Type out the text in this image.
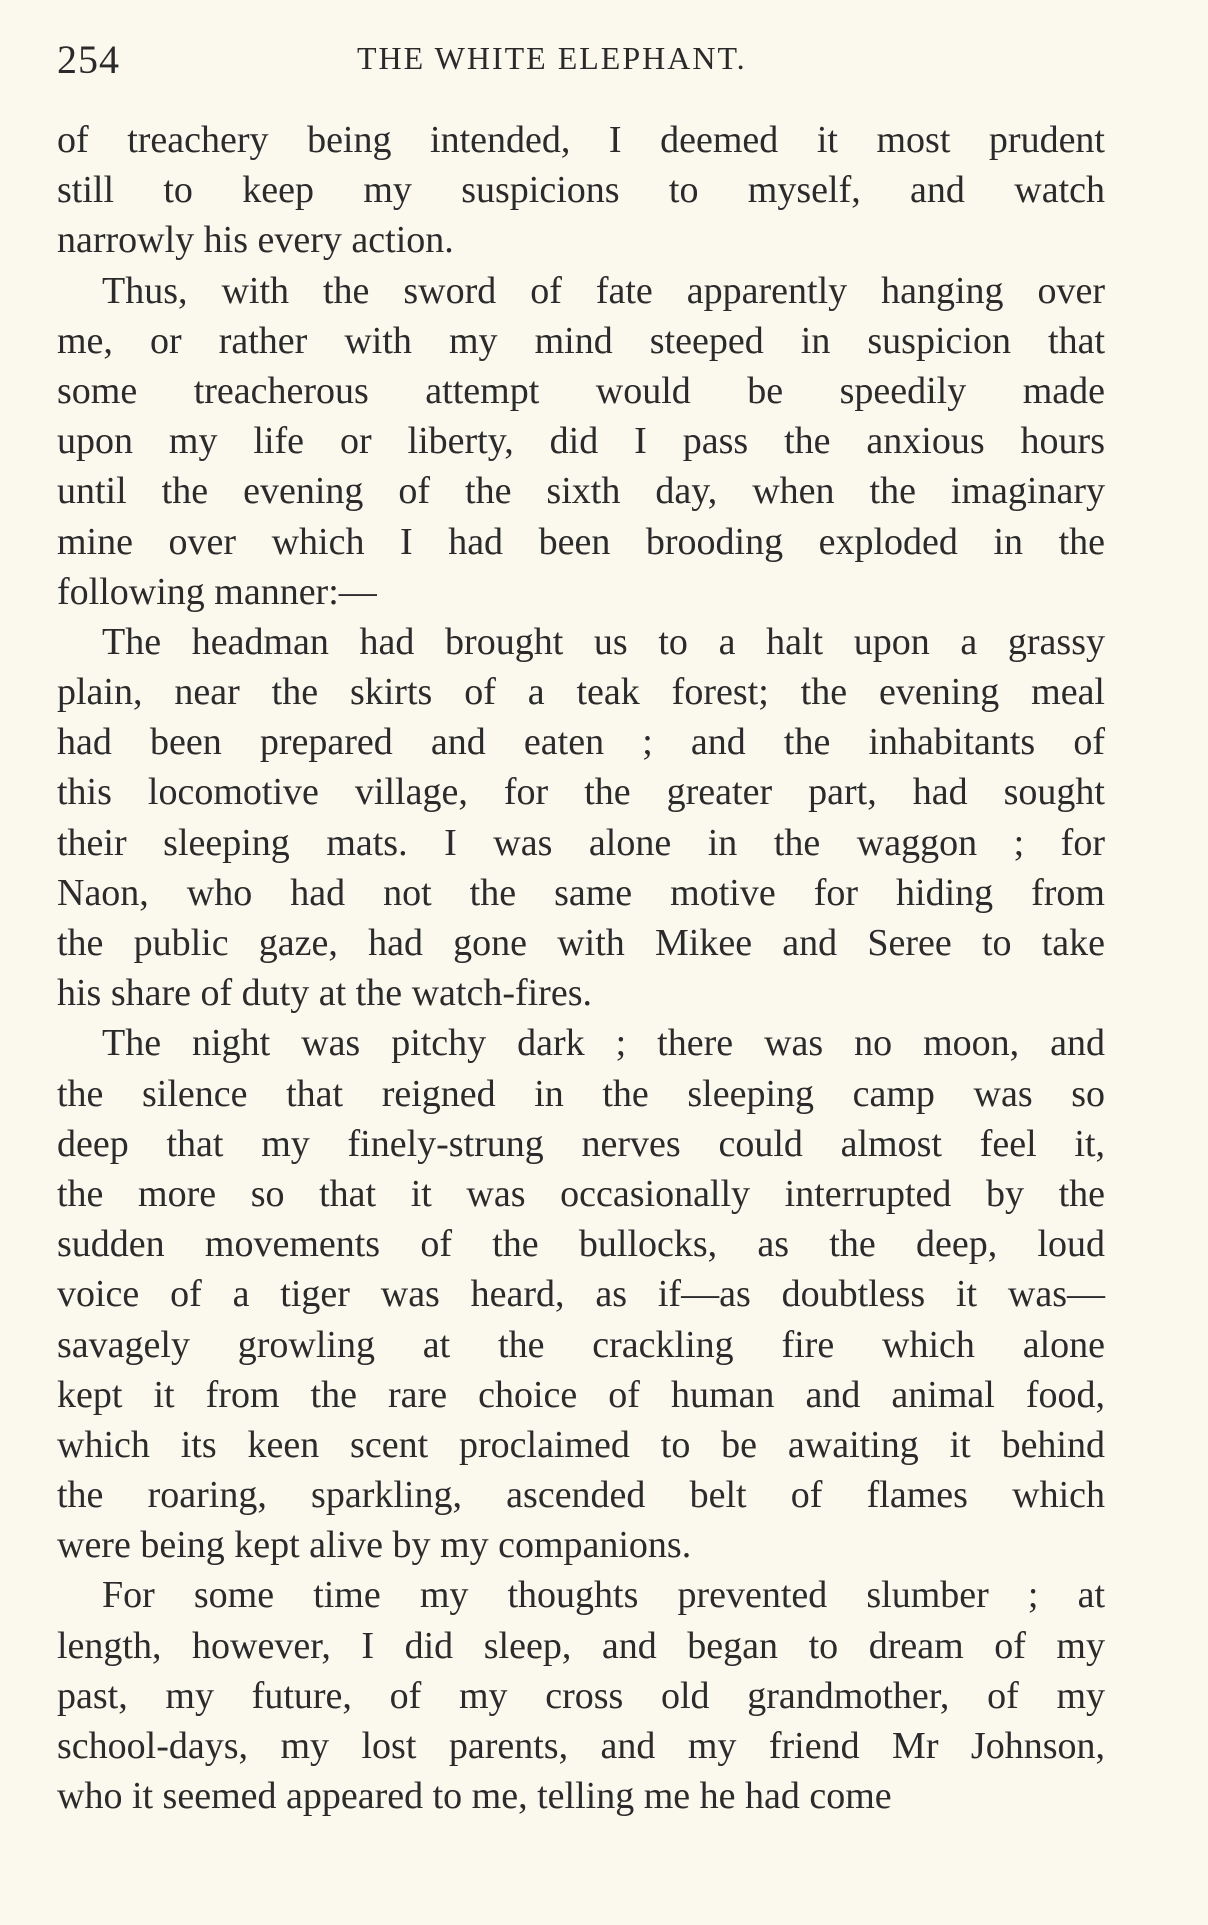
254	THE WHITE ELEPHANT.
of treachery being intended, I deemed it most prudent
still to keep my suspicions to myself, and watch
narrowly his every action.
Thus, with the sword of fate apparently hanging over
me, or rather with my mind steeped in suspicion that
some treacherous attempt would be speedily made
upon my life or liberty, did I pass the anxious hours
until the evening of the sixth day, when the imaginary
mine over which I had been brooding exploded in the
following manner:—
The headman had brought us to a halt upon a grassy
plain, near the skirts of a teak forest; the evening meal
had been prepared and eaten ; and the inhabitants of
this locomotive village, for the greater part, had sought
their sleeping mats. I was alone in the waggon ; for
Naon, who had not the same motive for hiding from
the public gaze, had gone with Mikee and Seree to take
his share of duty at the watch-fires.
The night was pitchy dark ; there was no moon, and
the silence that reigned in the sleeping camp was so
deep that my finely-strung nerves could almost feel it,
the more so that it was occasionally interrupted by the
sudden movements of the bullocks, as the deep, loud
voice of a tiger was heard, as if—as doubtless it was—
savagely growling at the crackling fire which alone
kept it from the rare choice of human and animal food,
which its keen scent proclaimed to be awaiting it behind
the roaring, sparkling, ascended belt of flames which
were being kept alive by my companions.
For some time my thoughts prevented slumber ; at
length, however, I did sleep, and began to dream of my
past, my future, of my cross old grandmother, of my
school-days, my lost parents, and my friend Mr Johnson,
who it seemed appeared to me, telling me he had come
